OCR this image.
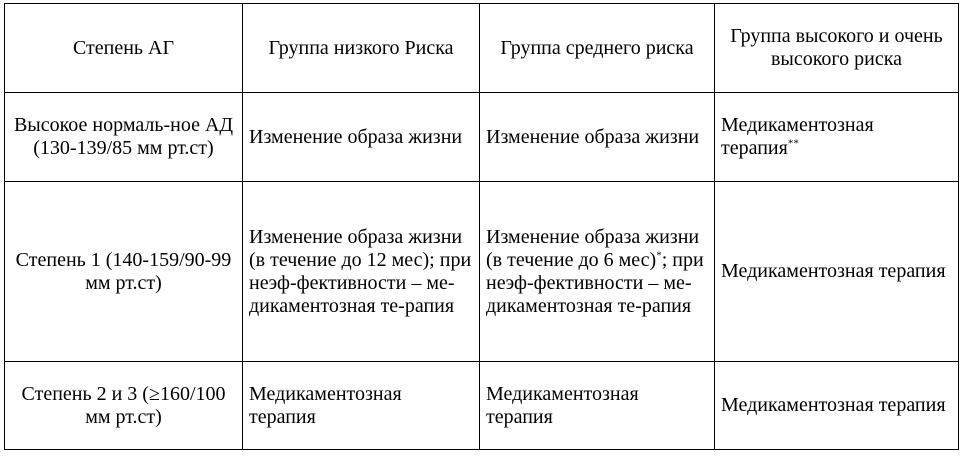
Степень АГ	Группа низкого Риска	Группа среднего риска	Группа высокого и очень высокого риска
Высокое нормаль-ное АД (130-139/85 мм рт.ст)	Изменение образа жизни	Изменение образа жизни	Медикаментозная терапия**
Степень 1 (140-159/90-99 мм рт.ст)	Изменение образа жизни (в течение до 12 мес); при неэф-фективности – ме-дикаментозная те-рапия	Изменение образа жизни (в течение до 6 мес)*; при неэф-фективности – ме-дикаментозная те-рапия	Медикаментозная терапия
Степень 2 и 3 (≥160/100 мм рт.ст)	Медикаментозная терапия	Медикаментозная терапия	Медикаментозная терапия
